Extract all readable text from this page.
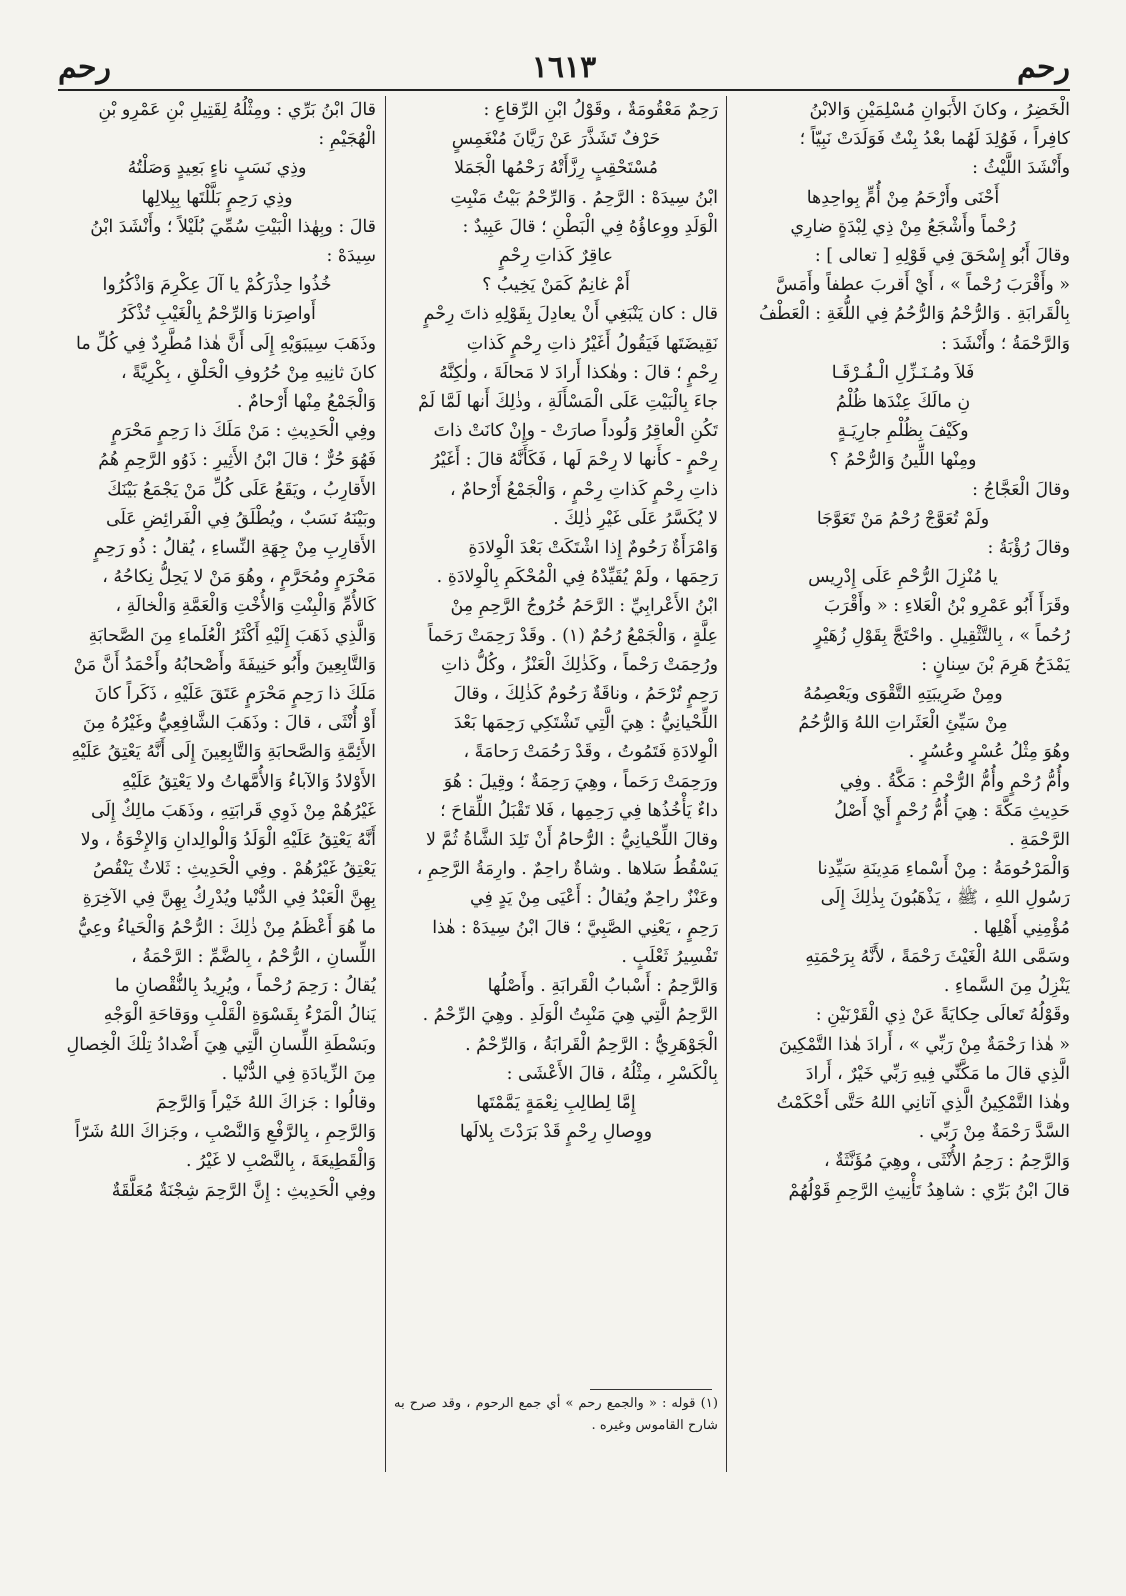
رحم
١٦١٣
رحم

الْخَضِرُ ، وكانَ الأَبَوانِ مُسْلِمَيْنِ وَالابْنُ

كافِراً ، فَوُلِدَ لَهُما بعْدُ بِنْتٌ فَوَلَدَتْ نَبِيّاً ؛

وأَنْشَدَ اللَّيْثُ :

أَحْنَى وأَرْحَمُ مِنْ أُمٍّ بِواحِدِها

رُحْماً وأَشْجَعُ مِنْ ذِي لِبْدَةٍ ضارِي

وقالَ أَبُو إِسْحَقَ فِي قَوْلِهِ [ تعالى ] :

« وأَقْرَبَ رُحْماً » ، أَيْ أَقربَ عطفاً وأَمَسَّ

بِالْقَرابَةِ . وَالرُّحْمُ وَالرُّحُمُ فِي اللُّغَةِ : الْعَطْفُ

وَالرَّحْمَةُ ؛ وأَنْشَدَ :

فَلاَ ومُـنَـزِّلِ الْـفُـرْقَـا

نِ مالَكَ عِنْدَها ظُلْمُ

وكَيْفَ بِظُلْمِ جارِيَـةٍ

ومِنْها اللِّينُ وَالرُّحْمُ ؟

وقالَ الْعَجَّاجُ :

ولَمْ تُعَوَّجْ رُحْمُ مَنْ تَعَوَّجَا

وقالَ رُؤْبَةُ :

يا مُنْزِلَ الرُّحْمِ عَلَى إِدْرِيس

وقَرَأَ أَبُو عَمْرِو بْنُ الْعَلاءِ : « وأَقْرَبَ

رُحُماً » ، بِالتَّثْقِيلِ . واحْتَجَّ بِقَوْلِ زُهَيْرٍ

يَمْدَحُ هَرِمَ بْنَ سِنانٍ :

ومِنْ ضَرِيبَتِهِ التَّقْوَى ويَعْصِمُهُ

مِنْ سَيِّئِ الْعَثَراتِ اللهُ وَالرُّحُمُ

وهُوَ مِثْلُ عُسْرٍ وعُسُرٍ .

وأُمُّ رُحْمٍ وأُمُّ الرُّحْمِ : مَكَّةُ . وفِي

حَدِيثِ مَكَّةَ : هِيَ أُمُّ رُحْمٍ أَيْ أَصْلُ

الرَّحْمَةِ .

وَالْمَرْحُومَةُ : مِنْ أَسْماءِ مَدِينَةِ سَيِّدِنا

رَسُولِ اللهِ ، ﷺ ، يَذْهَبُونَ بِذٰلِكَ إِلَى

مُؤْمِنِي أَهْلِها .

وسَمَّى اللهُ الْغَيْثَ رَحْمَةً ، لأَنَّهُ بِرَحْمَتِهِ

يَنْزِلُ مِنَ السَّماءِ .

وقَوْلُهُ تَعالَى حِكايَةً عَنْ ذِي الْقَرْنَيْنِ :

« هٰذا رَحْمَةٌ مِنْ رَبِّي » ، أَرادَ هٰذا التَّمْكِينَ

الَّذِي قالَ ما مَكَّنِّي فِيهِ رَبِّي خَيْرٌ ، أَرادَ

وهٰذا التَّمْكِينُ الَّذِي آتانِي اللهُ حَتَّى أَحْكَمْتُ

السَّدَّ رَحْمَةٌ مِنْ رَبِّي .

وَالرَّحِمُ : رَحِمُ الأُنْثَى ، وهِيَ مُؤَنَّثَةٌ ،

قالَ ابْنُ بَرِّي : شاهِدُ تَأْنِيثِ الرَّحِمِ قَوْلُهُمْ

رَحِمٌ مَعْقُومَةٌ ، وقَوْلُ ابْنِ الرِّقاعِ :

حَرْفٌ تَشَذَّرَ عَنْ رَيَّانَ مُنْغَمِسٍ

مُسْتَحْقِبٍ رِزَّأَتْهُ رَحْمُها الْجَمَلا

ابْنُ سِيدَهْ : الرَّحِمُ . وَالرِّحْمُ بَيْتُ مَنْبِتِ

الْوَلَدِ ووِعاؤُهُ فِي الْبَطْنِ ؛ قالَ عَبِيدٌ :

عاقِرٌ كَذاتِ رِحْمٍ

أَمْ غانِمٌ كَمَنْ يَخِيبُ ؟

قال : كان يَنْبَغِي أَنْ يعادِلَ بِقَوْلِهِ ذاتَ رِحْمٍ

نَقِيضَتَها فَيَقُولُ أَغَيْرُ ذاتِ رِحْمٍ كَذاتِ

رِحْمٍ ؛ قالَ : وهٰكذا أَرادَ لا مَحالَةَ ، ولٰكِنَّهُ

جاءَ بِالْبَيْتِ عَلَى الْمَسْأَلَةِ ، وذٰلِكَ أَنها لَمَّا لَمْ

تَكُنِ الْعاقِرُ وَلُوداً صارَتْ - وإِنْ كانَتْ ذاتَ

رِحْمٍ - كأَنها لا رِحْمَ لَها ، فَكَأَنَّهُ قالَ : أَغَيْرُ

ذاتِ رِحْمٍ كَذاتِ رِحْمٍ ، وَالْجَمْعُ أَرْحامٌ ،

لا يُكَسَّرُ عَلَى غَيْرِ ذٰلِكَ .

وَامْرَأَةٌ رَحُومٌ إِذا اشْتَكَتْ بَعْدَ الْوِلادَةِ

رَحِمَها ، ولَمْ يُقَيِّدْهُ فِي الْمُحْكَمِ بِالْوِلادَةِ .

ابْنُ الأَعْرابِيِّ : الرَّحَمُ خُرُوجُ الرَّحِمِ مِنْ

عِلَّةٍ ، وَالْجَمْعُ رُحُمٌ (١) . وقَدْ رَحِمَتْ رَحَماً

ورُحِمَتْ رَحْماً ، وكَذٰلِكَ الْعَنْزُ ، وكُلُّ ذاتِ

رَحِمٍ تُرْحَمُ ، وناقَةٌ رَحُومٌ كَذٰلِكَ ، وقالَ

اللِّحْيانِيُّ : هِيَ الَّتِي تَشْتَكِي رَحِمَها بَعْدَ

الْوِلادَةِ فَتَمُوتُ ، وقَدْ رَحُمَتْ رَحامَةً ،

ورَحِمَتْ رَحَماً ، وهِيَ رَحِمَةٌ ؛ وقِيلَ : هُوَ

داءٌ يَأْخُذُها فِي رَحِمِها ، فَلا تَقْبَلُ اللِّقاحَ ؛

وقالَ اللِّحْيانِيُّ : الرُّحامُ أَنْ تَلِدَ الشَّاةُ ثُمَّ لا

يَسْقُطُ سَلاها . وشاةٌ راحِمٌ . وارِمَةُ الرَّحِمِ ،

وعَنْزٌ راحِمٌ ويُقالُ : أَعْيَى مِنْ يَدٍ فِي

رَحِمٍ ، يَعْنِي الصَّبِيَّ ؛ قالَ ابْنُ سِيدَهْ : هٰذا

تَفْسِيرُ ثَعْلَبٍ .

وَالرَّحِمُ : أَسْبابُ الْقَرابَةِ . وأَصْلُها

الرَّحِمُ الَّتِي هِيَ مَنْبِتُ الْوَلَدِ . وهِيَ الرِّحْمُ .

الْجَوْهَرِيُّ : الرَّحِمُ الْقَرابَةُ ، وَالرِّحْمُ .

بِالْكَسْرِ ، مِثْلُهُ ، قالَ الأَعْشَى :

إِمَّا لِطالِبِ نِعْمَةٍ يَمَّمْتَها

ووِصالِ رِحْمٍ قَدْ بَرَدْتَ بِلالَها

قالَ ابْنُ بَرِّي : ومِثْلُهُ لِقَتِيلِ بْنِ عَمْرِو بْنِ

الْهُجَيْمِ :

وذِي نَسَبٍ ناءٍ بَعِيدٍ وَصَلْتُهُ

وذِي رَحِمٍ بَلَّلْتَها بِبِلالِها

قالَ : وبِهٰذا الْبَيْتِ سُمِّيَ بُلَيْلاً ؛ وأَنْشَدَ ابْنُ

سِيدَهْ :

خُذُوا حِذْرَكُمْ يا آلَ عِكْرِمَ وَاذْكُرُوا

أَواصِرَنا وَالرِّحْمُ بِالْغَيْبِ تُذْكَرُ

وذَهَبَ سِيبَوَيْهِ إِلَى أَنَّ هٰذا مُطَّرِدٌ فِي كُلِّ ما

كانَ ثانِيهِ مِنْ حُرُوفِ الْحَلْقِ ، بِكْرِيَّةً ،

وَالْجَمْعُ مِنْها أَرْحامٌ .

وفِي الْحَدِيثِ : مَنْ مَلَكَ ذا رَحِمٍ مَحْرَمٍ

فَهُوَ حُرٌّ ؛ قالَ ابْنُ الأَثِيرِ : ذَوُو الرَّحِمِ هُمُ

الأَقارِبُ ، ويَقَعُ عَلَى كُلِّ مَنْ يَجْمَعُ بَيْنَكَ

وبَيْنَهُ نَسَبٌ ، ويُطْلَقُ فِي الْفَرائِضِ عَلَى

الأَقارِبِ مِنْ جِهَةِ النِّساءِ ، يُقالُ : ذُو رَحِمٍ

مَحْرَمٍ ومُحَرَّمٍ ، وهُوَ مَنْ لا يَحِلُّ نِكاحُهُ ،

كَالأُمِّ وَالْبِنْتِ وَالأُخْتِ وَالْعَمَّةِ وَالْخالَةِ ،

وَالَّذِي ذَهَبَ إِلَيْهِ أَكْثَرُ الْعُلَماءِ مِنَ الصَّحابَةِ

وَالتَّابِعِينَ وأَبُو حَنِيفَةَ وأَصْحابُهُ وأَحْمَدُ أَنَّ مَنْ

مَلَكَ ذا رَحِمٍ مَحْرَمٍ عَتَقَ عَلَيْهِ ، ذَكَراً كانَ

أَوْ أُنْثَى ، قالَ : وذَهَبَ الشَّافِعِيُّ وغَيْرُهُ مِنَ

الأَئِمَّةِ وَالصَّحابَةِ وَالتَّابِعِينَ إِلَى أَنَّهُ يَعْتِقُ عَلَيْهِ

الأَوْلادُ وَالآباءُ وَالأُمَّهاتُ ولا يَعْتِقُ عَلَيْهِ

غَيْرُهُمْ مِنْ ذَوِي قَرابَتِهِ ، وذَهَبَ مالِكٌ إِلَى

أَنَّهُ يَعْتِقُ عَلَيْهِ الْوَلَدُ وَالْوالِدانِ وَالإِخْوَةُ ، ولا

يَعْتِقُ غَيْرُهُمْ . وفِي الْحَدِيثِ : ثَلاثٌ يَنْقُصُ

بِهِنَّ الْعَبْدُ فِي الدُّنْيا ويُدْرِكُ بِهِنَّ فِي الآخِرَةِ

ما هُوَ أَعْظَمُ مِنْ ذٰلِكَ : الرُّحْمُ وَالْحَياءُ وعِيُّ

اللِّسانِ ، الرُّحْمُ ، بِالضَّمِّ : الرَّحْمَةُ ،

يُقالُ : رَحِمَ رُحْماً ، ويُرِيدُ بِالنُّقْصانِ ما

يَنالُ الْمَرْءُ بِقَسْوَةِ الْقَلْبِ ووَقاحَةِ الْوَجْهِ

وبَسْطَةِ اللِّسانِ الَّتِي هِيَ أَضْدادُ تِلْكَ الْخِصالِ

مِنَ الزِّيادَةِ فِي الدُّنْيا .

وقالُوا : جَزاكَ اللهُ خَيْراً وَالرَّحِمَ

وَالرَّحِمِ ، بِالرَّفْعِ وَالنَّصْبِ ، وجَزاكَ اللهُ شَرّاً

وَالْقَطِيعَةَ ، بِالنَّصْبِ لا غَيْرُ .

وفِي الْحَدِيثِ : إِنَّ الرَّحِمَ شِجْنَةٌ مُعَلَّقَةٌ

(١) قوله : « والجمع رحم » أي جمع الرحوم ، وقد صرح به شارح القاموس وغيره .
